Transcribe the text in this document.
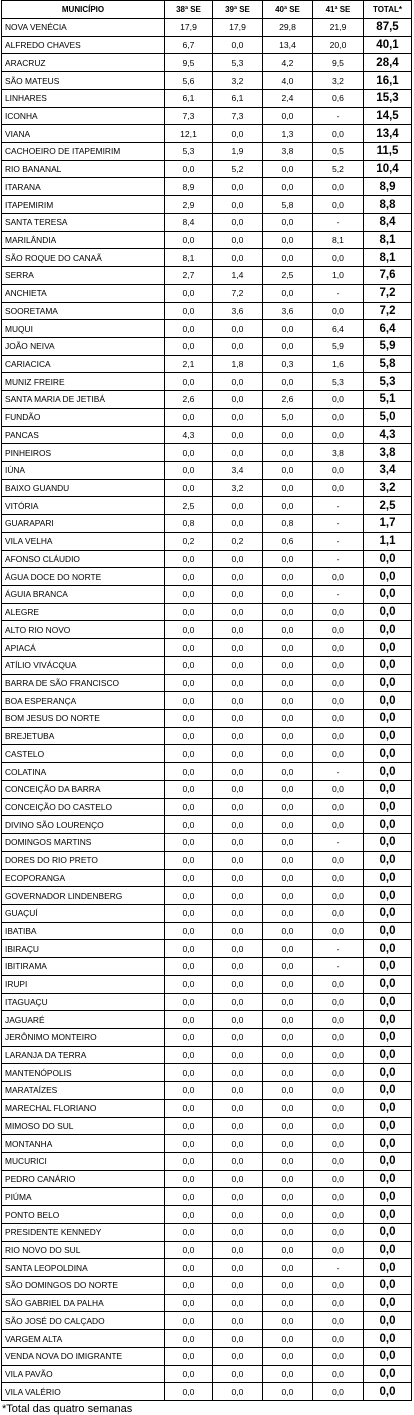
MUNICÍPIO	38ª SE	39ª SE	40ª SE	41ª SE	TOTAL*
NOVA VENÉCIA	17,9	17,9	29,8	21,9	87,5
ALFREDO CHAVES	6,7	0,0	13,4	20,0	40,1
ARACRUZ	9,5	5,3	4,2	9,5	28,4
SÃO MATEUS	5,6	3,2	4,0	3,2	16,1
LINHARES	6,1	6,1	2,4	0,6	15,3
ICONHA	7,3	7,3	0,0	-	14,5
VIANA	12,1	0,0	1,3	0,0	13,4
CACHOEIRO DE ITAPEMIRIM	5,3	1,9	3,8	0,5	11,5
RIO BANANAL	0,0	5,2	0,0	5,2	10,4
ITARANA	8,9	0,0	0,0	0,0	8,9
ITAPEMIRIM	2,9	0,0	5,8	0,0	8,8
SANTA TERESA	8,4	0,0	0,0	-	8,4
MARILÂNDIA	0,0	0,0	0,0	8,1	8,1
SÃO ROQUE DO CANAÃ	8,1	0,0	0,0	0,0	8,1
SERRA	2,7	1,4	2,5	1,0	7,6
ANCHIETA	0,0	7,2	0,0	-	7,2
SOORETAMA	0,0	3,6	3,6	0,0	7,2
MUQUI	0,0	0,0	0,0	6,4	6,4
JOÃO NEIVA	0,0	0,0	0,0	5,9	5,9
CARIACICA	2,1	1,8	0,3	1,6	5,8
MUNIZ FREIRE	0,0	0,0	0,0	5,3	5,3
SANTA MARIA DE JETIBÁ	2,6	0,0	2,6	0,0	5,1
FUNDÃO	0,0	0,0	5,0	0,0	5,0
PANCAS	4,3	0,0	0,0	0,0	4,3
PINHEIROS	0,0	0,0	0,0	3,8	3,8
IÚNA	0,0	3,4	0,0	0,0	3,4
BAIXO GUANDU	0,0	3,2	0,0	0,0	3,2
VITÓRIA	2,5	0,0	0,0	-	2,5
GUARAPARI	0,8	0,0	0,8	-	1,7
VILA VELHA	0,2	0,2	0,6	-	1,1
AFONSO CLÁUDIO	0,0	0,0	0,0	-	0,0
ÁGUA DOCE DO NORTE	0,0	0,0	0,0	0,0	0,0
ÁGUIA BRANCA	0,0	0,0	0,0	-	0,0
ALEGRE	0,0	0,0	0,0	0,0	0,0
ALTO RIO NOVO	0,0	0,0	0,0	0,0	0,0
APIACÁ	0,0	0,0	0,0	0,0	0,0
ATÍLIO VIVÁCQUA	0,0	0,0	0,0	0,0	0,0
BARRA DE SÃO FRANCISCO	0,0	0,0	0,0	0,0	0,0
BOA ESPERANÇA	0,0	0,0	0,0	0,0	0,0
BOM JESUS DO NORTE	0,0	0,0	0,0	0,0	0,0
BREJETUBA	0,0	0,0	0,0	0,0	0,0
CASTELO	0,0	0,0	0,0	0,0	0,0
COLATINA	0,0	0,0	0,0	-	0,0
CONCEIÇÃO DA BARRA	0,0	0,0	0,0	0,0	0,0
CONCEIÇÃO DO CASTELO	0,0	0,0	0,0	0,0	0,0
DIVINO SÃO LOURENÇO	0,0	0,0	0,0	0,0	0,0
DOMINGOS MARTINS	0,0	0,0	0,0	-	0,0
DORES DO RIO PRETO	0,0	0,0	0,0	0,0	0,0
ECOPORANGA	0,0	0,0	0,0	0,0	0,0
GOVERNADOR LINDENBERG	0,0	0,0	0,0	0,0	0,0
GUAÇUÍ	0,0	0,0	0,0	0,0	0,0
IBATIBA	0,0	0,0	0,0	0,0	0,0
IBIRAÇU	0,0	0,0	0,0	-	0,0
IBITIRAMA	0,0	0,0	0,0	-	0,0
IRUPI	0,0	0,0	0,0	0,0	0,0
ITAGUAÇU	0,0	0,0	0,0	0,0	0,0
JAGUARÉ	0,0	0,0	0,0	0,0	0,0
JERÔNIMO MONTEIRO	0,0	0,0	0,0	0,0	0,0
LARANJA DA TERRA	0,0	0,0	0,0	0,0	0,0
MANTENÓPOLIS	0,0	0,0	0,0	0,0	0,0
MARATAÍZES	0,0	0,0	0,0	0,0	0,0
MARECHAL FLORIANO	0,0	0,0	0,0	0,0	0,0
MIMOSO DO SUL	0,0	0,0	0,0	0,0	0,0
MONTANHA	0,0	0,0	0,0	0,0	0,0
MUCURICI	0,0	0,0	0,0	0,0	0,0
PEDRO CANÁRIO	0,0	0,0	0,0	0,0	0,0
PIÚMA	0,0	0,0	0,0	0,0	0,0
PONTO BELO	0,0	0,0	0,0	0,0	0,0
PRESIDENTE KENNEDY	0,0	0,0	0,0	0,0	0,0
RIO NOVO DO SUL	0,0	0,0	0,0	0,0	0,0
SANTA LEOPOLDINA	0,0	0,0	0,0	-	0,0
SÃO DOMINGOS DO NORTE	0,0	0,0	0,0	0,0	0,0
SÃO GABRIEL DA PALHA	0,0	0,0	0,0	0,0	0,0
SÃO JOSÉ DO CALÇADO	0,0	0,0	0,0	0,0	0,0
VARGEM ALTA	0,0	0,0	0,0	0,0	0,0
VENDA NOVA DO IMIGRANTE	0,0	0,0	0,0	0,0	0,0
VILA PAVÃO	0,0	0,0	0,0	0,0	0,0
VILA VALÉRIO	0,0	0,0	0,0	0,0	0,0
*Total das quatro semanas
